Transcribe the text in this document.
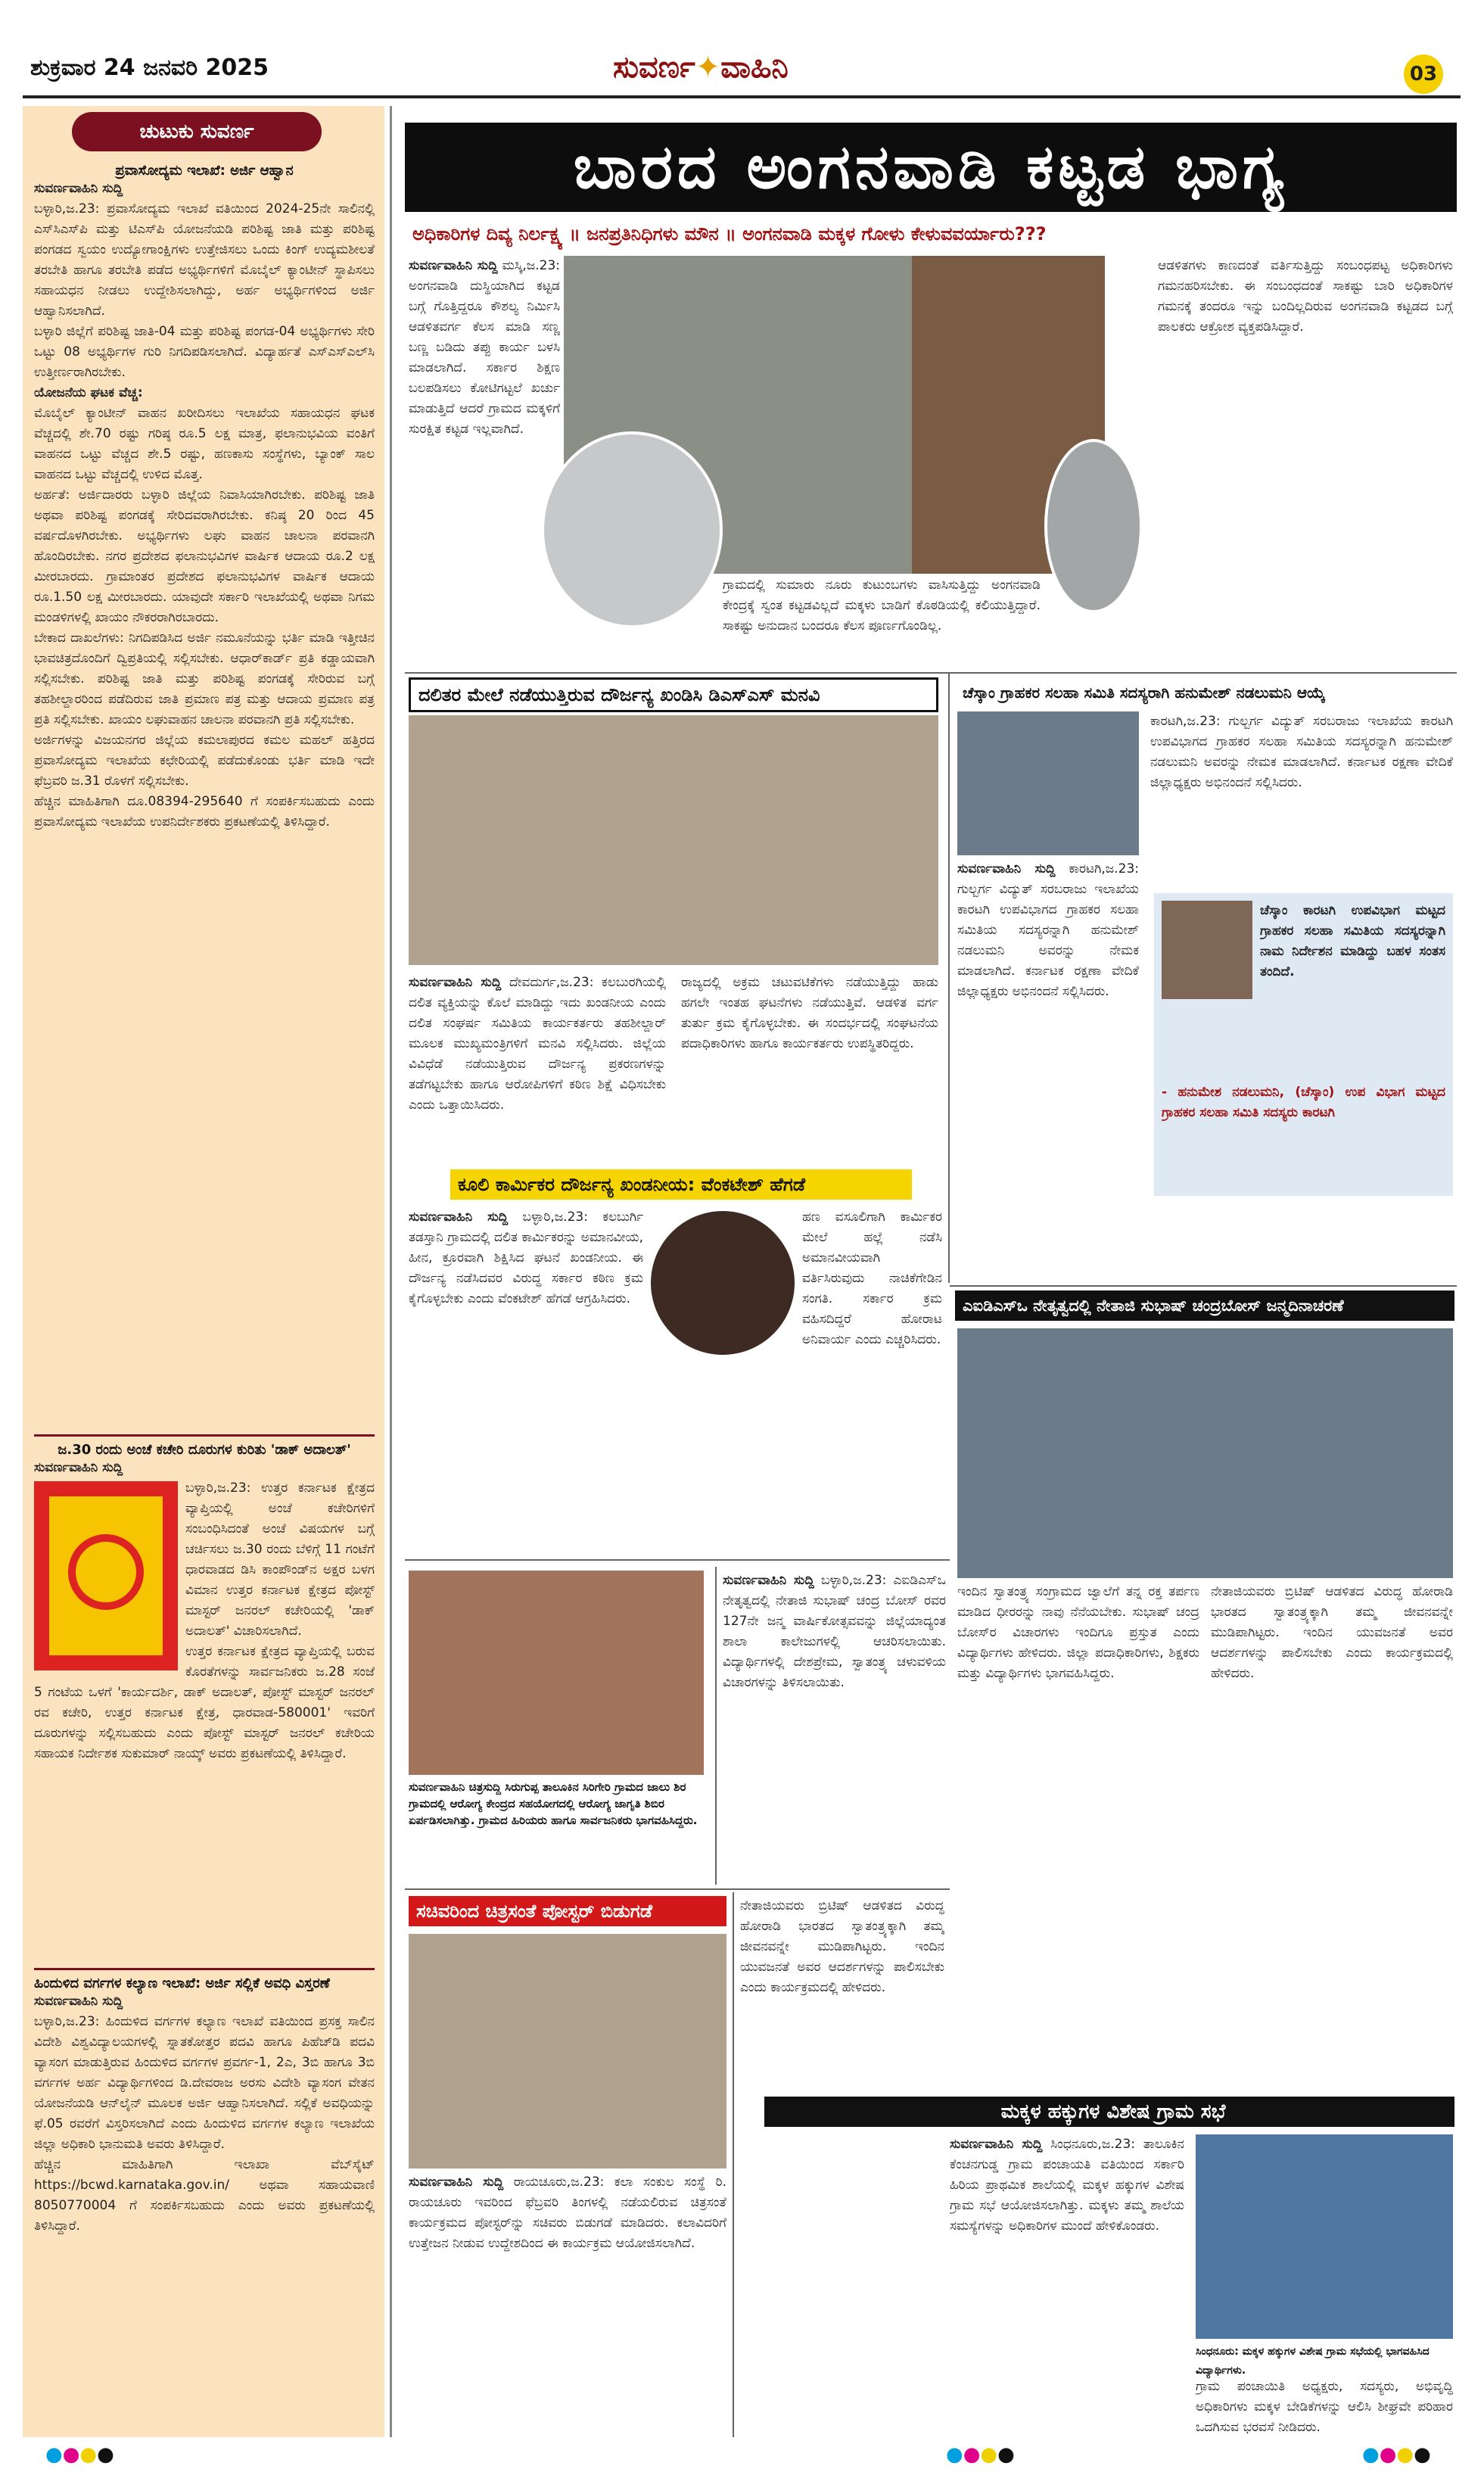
ಶುಕ್ರವಾರ 24 ಜನವರಿ 2025	ಸುವರ್ಣ✦ವಾಹಿನಿ	03
ಚುಟುಕು ಸುವರ್ಣ
ಪ್ರವಾಸೋದ್ಯಮ ಇಲಾಖೆ: ಅರ್ಜಿ ಆಹ್ವಾನ
ಸುವರ್ಣವಾಹಿನಿ ಸುದ್ದಿ
ಬಳ್ಳಾರಿ,ಜ.23: ಪ್ರವಾಸೋದ್ಯಮ ಇಲಾಖೆ ವತಿಯಿಂದ 2024-25ನೇ ಸಾಲಿನಲ್ಲಿ ಎಸ್‌ಸಿಎಸ್‌ಪಿ ಮತ್ತು ಟಿಎಸ್‌ಪಿ ಯೋಜನೆಯಡಿ ಪರಿಶಿಷ್ಟ ಜಾತಿ ಮತ್ತು ಪರಿಶಿಷ್ಟ ಪಂಗಡದ ಸ್ವಯಂ ಉದ್ಯೋಗಾಂಕ್ಷಿಗಳು ಉತ್ತೇಜಿಸಲು ಒಂದು ಕಿಂಗ್ ಉದ್ಯಮಶೀಲತೆ ತರಬೇತಿ ಹಾಗೂ ತರಬೇತಿ ಪಡೆದ ಅಭ್ಯರ್ಥಿಗಳಿಗೆ ಮೊಬೈಲ್ ಕ್ಯಾಂಟೀನ್ ಸ್ಥಾಪಿಸಲು ಸಹಾಯಧನ ನೀಡಲು ಉದ್ದೇಶಿಸಲಾಗಿದ್ದು, ಅರ್ಹ ಅಭ್ಯರ್ಥಿಗಳಿಂದ ಅರ್ಜಿ ಆಹ್ವಾನಿಸಲಾಗಿದೆ.
ಬಳ್ಳಾರಿ ಜಿಲ್ಲೆಗೆ ಪರಿಶಿಷ್ಟ ಜಾತಿ-04 ಮತ್ತು ಪರಿಶಿಷ್ಟ ಪಂಗಡ-04 ಅಭ್ಯರ್ಥಿಗಳು ಸೇರಿ ಒಟ್ಟು 08 ಅಭ್ಯರ್ಥಿಗಳ ಗುರಿ ನಿಗದಿಪಡಿಸಲಾಗಿದೆ. ವಿದ್ಯಾರ್ಹತೆ ಎಸ್‌ಎಸ್‌ಎಲ್‌ಸಿ ಉತ್ತೀರ್ಣರಾಗಿರಬೇಕು.
ಯೋಜನೆಯ ಘಟಕ ವೆಚ್ಚ:
ಮೊಬೈಲ್ ಕ್ಯಾಂಟೀನ್ ವಾಹನ ಖರೀದಿಸಲು ಇಲಾಖೆಯ ಸಹಾಯಧನ ಘಟಕ ವೆಚ್ಚದಲ್ಲಿ ಶೇ.70 ರಷ್ಟು ಗರಿಷ್ಠ ರೂ.5 ಲಕ್ಷ ಮಾತ್ರ, ಫಲಾನುಭವಿಯ ವಂತಿಗೆ ವಾಹನದ ಒಟ್ಟು ವೆಚ್ಚದ ಶೇ.5 ರಷ್ಟು, ಹಣಕಾಸು ಸಂಸ್ಥೆಗಳು, ಬ್ಯಾಂಕ್ ಸಾಲ ವಾಹನದ ಒಟ್ಟು ವೆಚ್ಚದಲ್ಲಿ ಉಳಿದ ಮೊತ್ತ.
ಅರ್ಹತೆ: ಅರ್ಜಿದಾರರು ಬಳ್ಳಾರಿ ಜಿಲ್ಲೆಯ ನಿವಾಸಿಯಾಗಿರಬೇಕು. ಪರಿಶಿಷ್ಟ ಜಾತಿ ಅಥವಾ ಪರಿಶಿಷ್ಟ ಪಂಗಡಕ್ಕೆ ಸೇರಿದವರಾಗಿರಬೇಕು. ಕನಿಷ್ಠ 20 ರಿಂದ 45 ವರ್ಷದೊಳಗಿರಬೇಕು. ಅಭ್ಯರ್ಥಿಗಳು ಲಘು ವಾಹನ ಚಾಲನಾ ಪರವಾನಗಿ ಹೊಂದಿರಬೇಕು. ನಗರ ಪ್ರದೇಶದ ಫಲಾನುಭವಿಗಳ ವಾರ್ಷಿಕ ಆದಾಯ ರೂ.2 ಲಕ್ಷ ಮೀರಬಾರದು. ಗ್ರಾಮಾಂತರ ಪ್ರದೇಶದ ಫಲಾನುಭವಿಗಳ ವಾರ್ಷಿಕ ಆದಾಯ ರೂ.1.50 ಲಕ್ಷ ಮೀರಬಾರದು. ಯಾವುದೇ ಸರ್ಕಾರಿ ಇಲಾಖೆಯಲ್ಲಿ ಅಥವಾ ನಿಗಮ ಮಂಡಳಿಗಳಲ್ಲಿ ಖಾಯಂ ನೌಕರರಾಗಿರಬಾರದು.
ಬೇಕಾದ ದಾಖಲೆಗಳು: ನಿಗದಿಪಡಿಸಿದ ಅರ್ಜಿ ನಮೂನೆಯನ್ನು ಭರ್ತಿ ಮಾಡಿ ಇತ್ತೀಚಿನ ಭಾವಚಿತ್ರದೊಂದಿಗೆ ದ್ವಿಪ್ರತಿಯಲ್ಲಿ ಸಲ್ಲಿಸಬೇಕು. ಆಧಾರ್‌ಕಾರ್ಡ್ ಪ್ರತಿ ಕಡ್ಡಾಯವಾಗಿ ಸಲ್ಲಿಸಬೇಕು. ಪರಿಶಿಷ್ಟ ಜಾತಿ ಮತ್ತು ಪರಿಶಿಷ್ಟ ಪಂಗಡಕ್ಕೆ ಸೇರಿರುವ ಬಗ್ಗೆ ತಹಶೀಲ್ದಾರರಿಂದ ಪಡೆದಿರುವ ಜಾತಿ ಪ್ರಮಾಣ ಪತ್ರ ಮತ್ತು ಆದಾಯ ಪ್ರಮಾಣ ಪತ್ರ ಪ್ರತಿ ಸಲ್ಲಿಸಬೇಕು. ಖಾಯಂ ಲಘುವಾಹನ ಚಾಲನಾ ಪರವಾನಗಿ ಪ್ರತಿ ಸಲ್ಲಿಸಬೇಕು.
ಅರ್ಜಿಗಳನ್ನು ವಿಜಯನಗರ ಜಿಲ್ಲೆಯ ಕಮಲಾಪುರದ ಕಮಲ ಮಹಲ್ ಹತ್ತಿರದ ಪ್ರವಾಸೋದ್ಯಮ ಇಲಾಖೆಯ ಕಛೇರಿಯಲ್ಲಿ ಪಡೆದುಕೊಂಡು ಭರ್ತಿ ಮಾಡಿ ಇದೇ ಫೆಬ್ರವರಿ ಜ.31 ರೊಳಗೆ ಸಲ್ಲಿಸಬೇಕು.
ಹೆಚ್ಚಿನ ಮಾಹಿತಿಗಾಗಿ ದೂ.08394-295640 ಗೆ ಸಂಪರ್ಕಿಸಬಹುದು ಎಂದು ಪ್ರವಾಸೋದ್ಯಮ ಇಲಾಖೆಯ ಉಪನಿರ್ದೇಶಕರು ಪ್ರಕಟಣೆಯಲ್ಲಿ ತಿಳಿಸಿದ್ದಾರೆ.
ಜ.30 ರಂದು ಅಂಚೆ ಕಚೇರಿ ದೂರುಗಳ ಕುರಿತು 'ಡಾಕ್ ಅದಾಲತ್'
ಸುವರ್ಣವಾಹಿನಿ ಸುದ್ದಿ
ಬಳ್ಳಾರಿ,ಜ.23: ಉತ್ತರ ಕರ್ನಾಟಕ ಕ್ಷೇತ್ರದ ವ್ಯಾಪ್ತಿಯಲ್ಲಿ ಅಂಚೆ ಕಚೇರಿಗಳಿಗೆ ಸಂಬಂಧಿಸಿದಂತೆ ಅಂಚೆ ವಿಷಯಗಳ ಬಗ್ಗೆ ಚರ್ಚಿಸಲು ಜ.30 ರಂದು ಬೆಳಿಗ್ಗೆ 11 ಗಂಟೆಗೆ ಧಾರವಾಡದ ಡಿಸಿ ಕಾಂಪೌಂಡ್‌ನ ಅಕ್ಷರ ಬಳಗ ವಿಮಾನ ಉತ್ತರ ಕರ್ನಾಟಕ ಕ್ಷೇತ್ರದ ಪೋಸ್ಟ್ ಮಾಸ್ಟರ್ ಜನರಲ್ ಕಚೇರಿಯಲ್ಲಿ 'ಡಾಕ್ ಅದಾಲತ್' ವಿಚಾರಿಸಲಾಗಿದೆ.
ಉತ್ತರ ಕರ್ನಾಟಕ ಕ್ಷೇತ್ರದ ವ್ಯಾಪ್ತಿಯಲ್ಲಿ ಬರುವ ಕೊರತೆಗಳನ್ನು ಸಾರ್ವಜನಿಕರು ಜ.28 ಸಂಜೆ 5 ಗಂಟೆಯ ಒಳಗೆ 'ಕಾರ್ಯದರ್ಶಿ, ಡಾಕ್ ಅದಾಲತ್, ಪೋಸ್ಟ್ ಮಾಸ್ಟರ್ ಜನರಲ್ ರವ ಕಚೇರಿ, ಉತ್ತರ ಕರ್ನಾಟಕ ಕ್ಷೇತ್ರ, ಧಾರವಾಡ-580001' ಇವರಿಗೆ ದೂರುಗಳನ್ನು ಸಲ್ಲಿಸಬಹುದು ಎಂದು ಪೋಸ್ಟ್ ಮಾಸ್ಟರ್ ಜನರಲ್ ಕಚೇರಿಯ ಸಹಾಯಕ ನಿರ್ದೇಶಕ ಸುಕುಮಾರ್ ನಾಯ್ಕ್ ಅವರು ಪ್ರಕಟಣೆಯಲ್ಲಿ ತಿಳಿಸಿದ್ದಾರೆ.
ಹಿಂದುಳಿದ ವರ್ಗಗಳ ಕಲ್ಯಾಣ ಇಲಾಖೆ: ಅರ್ಜಿ ಸಲ್ಲಿಕೆ ಅವಧಿ ವಿಸ್ತರಣೆ
ಸುವರ್ಣವಾಹಿನಿ ಸುದ್ದಿ
ಬಳ್ಳಾರಿ,ಜ.23: ಹಿಂದುಳಿದ ವರ್ಗಗಳ ಕಲ್ಯಾಣ ಇಲಾಖೆ ವತಿಯಿಂದ ಪ್ರಸಕ್ತ ಸಾಲಿನ ವಿದೇಶಿ ವಿಶ್ವವಿದ್ಯಾಲಯಗಳಲ್ಲಿ ಸ್ನಾತಕೋತ್ತರ ಪದವಿ ಹಾಗೂ ಪಿಹೆಚ್‌ಡಿ ಪದವಿ ವ್ಯಾಸಂಗ ಮಾಡುತ್ತಿರುವ ಹಿಂದುಳಿದ ವರ್ಗಗಳ ಪ್ರವರ್ಗ-1, 2ಎ, 3ಬಿ ಹಾಗೂ 3ಬಿ ವರ್ಗಗಳ ಅರ್ಹ ವಿದ್ಯಾರ್ಥಿಗಳಿಂದ ಡಿ.ದೇವರಾಜ ಅರಸು ವಿದೇಶಿ ವ್ಯಾಸಂಗ ವೇತನ ಯೋಜನೆಯಡಿ ಆನ್‌ಲೈನ್ ಮೂಲಕ ಅರ್ಜಿ ಆಹ್ವಾನಿಸಲಾಗಿದೆ. ಸಲ್ಲಿಕೆ ಅವಧಿಯನ್ನು ಫೆ.05 ರವರೆಗೆ ವಿಸ್ತರಿಸಲಾಗಿದೆ ಎಂದು ಹಿಂದುಳಿದ ವರ್ಗಗಳ ಕಲ್ಯಾಣ ಇಲಾಖೆಯ ಜಿಲ್ಲಾ ಅಧಿಕಾರಿ ಭಾನುಮತಿ ಅವರು ತಿಳಿಸಿದ್ದಾರೆ.
ಹೆಚ್ಚಿನ ಮಾಹಿತಿಗಾಗಿ ಇಲಾಖಾ ವೆಬ್‌ಸೈಟ್ https://bcwd.karnataka.gov.in/ ಅಥವಾ ಸಹಾಯವಾಣಿ 8050770004 ಗೆ ಸಂಪರ್ಕಿಸಬಹುದು ಎಂದು ಅವರು ಪ್ರಕಟಣೆಯಲ್ಲಿ ತಿಳಿಸಿದ್ದಾರೆ.
ಬಾರದ ಅಂಗನವಾಡಿ ಕಟ್ಟಡ ಭಾಗ್ಯ
ಅಧಿಕಾರಿಗಳ ದಿವ್ಯ ನಿರ್ಲಕ್ಷ್ಯ ॥ ಜನಪ್ರತಿನಿಧಿಗಳು ಮೌನ ॥ ಅಂಗನವಾಡಿ ಮಕ್ಕಳ ಗೋಳು ಕೇಳುವವರ್ಯಾರು???
ಸುವರ್ಣವಾಹಿನಿ ಸುದ್ದಿ ಮಸ್ಕಿ,ಜ.23: ಅಂಗನವಾಡಿ ದುಸ್ಥಿಯಾಗಿದ ಕಟ್ಟಡ ಬಗ್ಗೆ ಗೊತ್ತಿದ್ದರೂ ಕೌಶಲ್ಯ ನಿರ್ಮಿಸಿ ಆಡಳಿತವರ್ಗ ಕೆಲಸ ಮಾಡಿ ಸಣ್ಣ ಬಣ್ಣ ಬಡಿದು ತಪ್ಪು ಕಾರ್ಯ ಬಳಸಿ ಮಾಡಲಾಗಿದೆ. ಸರ್ಕಾರ ಶಿಕ್ಷಣ ಬಲಪಡಿಸಲು ಕೋಟಿಗಟ್ಟಲೆ ಖರ್ಚು ಮಾಡುತ್ತಿದೆ ಆದರೆ ಗ್ರಾಮದ ಮಕ್ಕಳಿಗೆ ಸುರಕ್ಷಿತ ಕಟ್ಟಡ ಇಲ್ಲವಾಗಿದೆ.
ಗ್ರಾಮದಲ್ಲಿ ಸುಮಾರು ನೂರು ಕುಟುಂಬಗಳು ವಾಸಿಸುತ್ತಿದ್ದು ಅಂಗನವಾಡಿ ಕೇಂದ್ರಕ್ಕೆ ಸ್ವಂತ ಕಟ್ಟಡವಿಲ್ಲದೆ ಮಕ್ಕಳು ಬಾಡಿಗೆ ಕೊಠಡಿಯಲ್ಲಿ ಕಲಿಯುತ್ತಿದ್ದಾರೆ. ಸಾಕಷ್ಟು ಅನುದಾನ ಬಂದರೂ ಕೆಲಸ ಪೂರ್ಣಗೊಂಡಿಲ್ಲ.
ಆಡಳಿತಗಳು ಕಾಣದಂತೆ ವರ್ತಿಸುತ್ತಿದ್ದು ಸಂಬಂಧಪಟ್ಟ ಅಧಿಕಾರಿಗಳು ಗಮನಹರಿಸಬೇಕು. ಈ ಸಂಬಂಧದಂತೆ ಸಾಕಷ್ಟು ಬಾರಿ ಅಧಿಕಾರಿಗಳ ಗಮನಕ್ಕೆ ತಂದರೂ ಇನ್ನು ಬಂದಿಲ್ಲದಿರುವ ಅಂಗನವಾಡಿ ಕಟ್ಟಡದ ಬಗ್ಗೆ ಪಾಲಕರು ಆಕ್ರೋಶ ವ್ಯಕ್ತಪಡಿಸಿದ್ದಾರೆ.
ದಲಿತರ ಮೇಲೆ ನಡೆಯುತ್ತಿರುವ ದೌರ್ಜನ್ಯ ಖಂಡಿಸಿ ಡಿಎಸ್‌ಎಸ್ ಮನವಿ
ಸುವರ್ಣವಾಹಿನಿ ಸುದ್ದಿ ದೇವದುರ್ಗ,ಜ.23: ಕಲಬುರಗಿಯಲ್ಲಿ ದಲಿತ ವ್ಯಕ್ತಿಯನ್ನು ಕೊಲೆ ಮಾಡಿದ್ದು ಇದು ಖಂಡನೀಯ ಎಂದು ದಲಿತ ಸಂಘರ್ಷ ಸಮಿತಿಯ ಕಾರ್ಯಕರ್ತರು ತಹಶೀಲ್ದಾರ್ ಮೂಲಕ ಮುಖ್ಯಮಂತ್ರಿಗಳಿಗೆ ಮನವಿ ಸಲ್ಲಿಸಿದರು. ಜಿಲ್ಲೆಯ ವಿವಿಧೆಡೆ ನಡೆಯುತ್ತಿರುವ ದೌರ್ಜನ್ಯ ಪ್ರಕರಣಗಳನ್ನು ತಡೆಗಟ್ಟಬೇಕು ಹಾಗೂ ಆರೋಪಿಗಳಿಗೆ ಕಠಿಣ ಶಿಕ್ಷೆ ವಿಧಿಸಬೇಕು ಎಂದು ಒತ್ತಾಯಿಸಿದರು.
ರಾಜ್ಯದಲ್ಲಿ ಅಕ್ರಮ ಚಟುವಟಿಕೆಗಳು ನಡೆಯುತ್ತಿದ್ದು ಹಾಡು ಹಗಲೇ ಇಂತಹ ಘಟನೆಗಳು ನಡೆಯುತ್ತಿವೆ. ಆಡಳಿತ ವರ್ಗ ತುರ್ತು ಕ್ರಮ ಕೈಗೊಳ್ಳಬೇಕು. ಈ ಸಂದರ್ಭದಲ್ಲಿ ಸಂಘಟನೆಯ ಪದಾಧಿಕಾರಿಗಳು ಹಾಗೂ ಕಾರ್ಯಕರ್ತರು ಉಪಸ್ಥಿತರಿದ್ದರು.
ಚೆಸ್ಕಾಂ ಗ್ರಾಹಕರ ಸಲಹಾ ಸಮಿತಿ ಸದಸ್ಯರಾಗಿ ಹನುಮೇಶ್ ನಡಲುಮನಿ ಆಯ್ಕೆ
ಸುವರ್ಣವಾಹಿನಿ ಸುದ್ದಿ ಕಾರಟಗಿ,ಜ.23: ಗುಲ್ಬರ್ಗ ವಿದ್ಯುತ್ ಸರಬರಾಜು ಇಲಾಖೆಯ ಕಾರಟಗಿ ಉಪವಿಭಾಗದ ಗ್ರಾಹಕರ ಸಲಹಾ ಸಮಿತಿಯ ಸದಸ್ಯರನ್ನಾಗಿ ಹನುಮೇಶ್ ನಡಲುಮನಿ ಅವರನ್ನು ನೇಮಕ ಮಾಡಲಾಗಿದೆ. ಕರ್ನಾಟಕ ರಕ್ಷಣಾ ವೇದಿಕೆ ಜಿಲ್ಲಾಧ್ಯಕ್ಷರು ಅಭಿನಂದನೆ ಸಲ್ಲಿಸಿದರು.
ಕಾರಟಗಿ,ಜ.23: ಗುಲ್ಬರ್ಗ ವಿದ್ಯುತ್ ಸರಬರಾಜು ಇಲಾಖೆಯ ಕಾರಟಗಿ ಉಪವಿಭಾಗದ ಗ್ರಾಹಕರ ಸಲಹಾ ಸಮಿತಿಯ ಸದಸ್ಯರನ್ನಾಗಿ ಹನುಮೇಶ್ ನಡಲುಮನಿ ಅವರನ್ನು ನೇಮಕ ಮಾಡಲಾಗಿದೆ. ಕರ್ನಾಟಕ ರಕ್ಷಣಾ ವೇದಿಕೆ ಜಿಲ್ಲಾಧ್ಯಕ್ಷರು ಅಭಿನಂದನೆ ಸಲ್ಲಿಸಿದರು.
ಚೆಸ್ಕಾಂ ಕಾರಟಗಿ ಉಪವಿಭಾಗ ಮಟ್ಟದ ಗ್ರಾಹಕರ ಸಲಹಾ ಸಮಿತಿಯ ಸದಸ್ಯರನ್ನಾಗಿ ನಾಮ ನಿರ್ದೇಶನ ಮಾಡಿದ್ದು ಬಹಳ ಸಂತಸ ತಂದಿದೆ.
- ಹನುಮೇಶ ನಡಲುಮನಿ, (ಚೆಸ್ಕಾಂ) ಉಪ ವಿಭಾಗ ಮಟ್ಟದ ಗ್ರಾಹಕರ ಸಲಹಾ ಸಮಿತಿ ಸದಸ್ಯರು ಕಾರಟಗಿ
ಕೂಲಿ ಕಾರ್ಮಿಕರ ದೌರ್ಜನ್ಯ ಖಂಡನೀಯ: ವೆಂಕಟೇಶ್ ಹೆಗಡೆ
ಸುವರ್ಣವಾಹಿನಿ ಸುದ್ದಿ ಬಳ್ಳಾರಿ,ಜ.23: ಕಲಬುರ್ಗಿ ತಡಸ್ತಾನಿ ಗ್ರಾಮದಲ್ಲಿ ದಲಿತ ಕಾರ್ಮಿಕರನ್ನು ಅಮಾನವೀಯ, ಹೀನ, ಕ್ರೂರವಾಗಿ ಶಿಕ್ಷಿಸಿದ ಘಟನೆ ಖಂಡನೀಯ. ಈ ದೌರ್ಜನ್ಯ ನಡೆಸಿದವರ ವಿರುದ್ಧ ಸರ್ಕಾರ ಕಠಿಣ ಕ್ರಮ ಕೈಗೊಳ್ಳಬೇಕು ಎಂದು ವೆಂಕಟೇಶ್ ಹೆಗಡೆ ಆಗ್ರಹಿಸಿದರು.
ಹಣ ವಸೂಲಿಗಾಗಿ ಕಾರ್ಮಿಕರ ಮೇಲೆ ಹಲ್ಲೆ ನಡೆಸಿ ಅಮಾನವೀಯವಾಗಿ ವರ್ತಿಸಿರುವುದು ನಾಚಿಕೆಗೇಡಿನ ಸಂಗತಿ. ಸರ್ಕಾರ ಕ್ರಮ ವಹಿಸದಿದ್ದರೆ ಹೋರಾಟ ಅನಿವಾರ್ಯ ಎಂದು ಎಚ್ಚರಿಸಿದರು.
ಎಐಡಿಎಸ್‌ಒ ನೇತೃತ್ವದಲ್ಲಿ ನೇತಾಜಿ ಸುಭಾಷ್ ಚಂದ್ರಬೋಸ್ ಜನ್ಮದಿನಾಚರಣೆ
ಇಂದಿನ ಸ್ವಾತಂತ್ರ್ಯ ಸಂಗ್ರಾಮದ ಜ್ವಾಲೆಗೆ ತನ್ನ ರಕ್ತ ತರ್ಪಣ ಮಾಡಿದ ಧೀರರನ್ನು ನಾವು ನೆನೆಯಬೇಕು. ಸುಭಾಷ್ ಚಂದ್ರ ಬೋಸ್‌ರ ವಿಚಾರಗಳು ಇಂದಿಗೂ ಪ್ರಸ್ತುತ ಎಂದು ವಿದ್ಯಾರ್ಥಿಗಳು ಹೇಳಿದರು. ಜಿಲ್ಲಾ ಪದಾಧಿಕಾರಿಗಳು, ಶಿಕ್ಷಕರು ಮತ್ತು ವಿದ್ಯಾರ್ಥಿಗಳು ಭಾಗವಹಿಸಿದ್ದರು.
ನೇತಾಜಿಯವರು ಬ್ರಿಟಿಷ್ ಆಡಳಿತದ ವಿರುದ್ಧ ಹೋರಾಡಿ ಭಾರತದ ಸ್ವಾತಂತ್ರ್ಯಕ್ಕಾಗಿ ತಮ್ಮ ಜೀವನವನ್ನೇ ಮುಡಿಪಾಗಿಟ್ಟರು. ಇಂದಿನ ಯುವಜನತೆ ಅವರ ಆದರ್ಶಗಳನ್ನು ಪಾಲಿಸಬೇಕು ಎಂದು ಕಾರ್ಯಕ್ರಮದಲ್ಲಿ ಹೇಳಿದರು.
ಸುವರ್ಣವಾಹಿನಿ ಚಿತ್ರಸುದ್ದಿ ಸಿರುಗುಪ್ಪ ತಾಲೂಕಿನ ಸಿರಿಗೇರಿ ಗ್ರಾಮದ ಜಾಲು ಶಿರ ಗ್ರಾಮದಲ್ಲಿ ಆರೋಗ್ಯ ಕೇಂದ್ರದ ಸಹಯೋಗದಲ್ಲಿ ಆರೋಗ್ಯ ಜಾಗೃತಿ ಶಿಬಿರ ಏರ್ಪಡಿಸಲಾಗಿತ್ತು. ಗ್ರಾಮದ ಹಿರಿಯರು ಹಾಗೂ ಸಾರ್ವಜನಿಕರು ಭಾಗವಹಿಸಿದ್ದರು.
ಸುವರ್ಣವಾಹಿನಿ ಸುದ್ದಿ ಬಳ್ಳಾರಿ,ಜ.23: ಎಐಡಿಎಸ್‌ಒ ನೇತೃತ್ವದಲ್ಲಿ ನೇತಾಜಿ ಸುಭಾಷ್ ಚಂದ್ರ ಬೋಸ್ ರವರ 127ನೇ ಜನ್ಮ ವಾರ್ಷಿಕೋತ್ಸವವನ್ನು ಜಿಲ್ಲೆಯಾದ್ಯಂತ ಶಾಲಾ ಕಾಲೇಜುಗಳಲ್ಲಿ ಆಚರಿಸಲಾಯಿತು. ವಿದ್ಯಾರ್ಥಿಗಳಲ್ಲಿ ದೇಶಪ್ರೇಮ, ಸ್ವಾತಂತ್ರ್ಯ ಚಳುವಳಿಯ ವಿಚಾರಗಳನ್ನು ತಿಳಿಸಲಾಯಿತು.
ಸಚಿವರಿಂದ ಚಿತ್ರಸಂತೆ ಪೋಸ್ಟರ್ ಬಿಡುಗಡೆ
ಸುವರ್ಣವಾಹಿನಿ ಸುದ್ದಿ ರಾಯಚೂರು,ಜ.23: ಕಲಾ ಸಂಕುಲ ಸಂಸ್ಥೆ ರಿ. ರಾಯಚೂರು ಇವರಿಂದ ಫೆಬ್ರವರಿ ತಿಂಗಳಲ್ಲಿ ನಡೆಯಲಿರುವ ಚಿತ್ರಸಂತೆ ಕಾರ್ಯಕ್ರಮದ ಪೋಸ್ಟರ್‌ನ್ನು ಸಚಿವರು ಬಿಡುಗಡೆ ಮಾಡಿದರು. ಕಲಾವಿದರಿಗೆ ಉತ್ತೇಜನ ನೀಡುವ ಉದ್ದೇಶದಿಂದ ಈ ಕಾರ್ಯಕ್ರಮ ಆಯೋಜಿಸಲಾಗಿದೆ.
ನೇತಾಜಿಯವರು ಬ್ರಿಟಿಷ್ ಆಡಳಿತದ ವಿರುದ್ಧ ಹೋರಾಡಿ ಭಾರತದ ಸ್ವಾತಂತ್ರ್ಯಕ್ಕಾಗಿ ತಮ್ಮ ಜೀವನವನ್ನೇ ಮುಡಿಪಾಗಿಟ್ಟರು. ಇಂದಿನ ಯುವಜನತೆ ಅವರ ಆದರ್ಶಗಳನ್ನು ಪಾಲಿಸಬೇಕು ಎಂದು ಕಾರ್ಯಕ್ರಮದಲ್ಲಿ ಹೇಳಿದರು.
ಮಕ್ಕಳ ಹಕ್ಕುಗಳ ವಿಶೇಷ ಗ್ರಾಮ ಸಭೆ
ಸುವರ್ಣವಾಹಿನಿ ಸುದ್ದಿ ಸಿಂಧನೂರು,ಜ.23: ತಾಲೂಕಿನ ಕೆಂಚನಗುಡ್ಡ ಗ್ರಾಮ ಪಂಚಾಯತಿ ವತಿಯಿಂದ ಸರ್ಕಾರಿ ಹಿರಿಯ ಪ್ರಾಥಮಿಕ ಶಾಲೆಯಲ್ಲಿ ಮಕ್ಕಳ ಹಕ್ಕುಗಳ ವಿಶೇಷ ಗ್ರಾಮ ಸಭೆ ಆಯೋಜಿಸಲಾಗಿತ್ತು. ಮಕ್ಕಳು ತಮ್ಮ ಶಾಲೆಯ ಸಮಸ್ಯೆಗಳನ್ನು ಅಧಿಕಾರಿಗಳ ಮುಂದೆ ಹೇಳಿಕೊಂಡರು.
ಸಿಂಧನೂರು: ಮಕ್ಕಳ ಹಕ್ಕುಗಳ ವಿಶೇಷ ಗ್ರಾಮ ಸಭೆಯಲ್ಲಿ ಭಾಗವಹಿಸಿದ ವಿದ್ಯಾರ್ಥಿಗಳು.
ಗ್ರಾಮ ಪಂಚಾಯಿತಿ ಅಧ್ಯಕ್ಷರು, ಸದಸ್ಯರು, ಅಭಿವೃದ್ಧಿ ಅಧಿಕಾರಿಗಳು ಮಕ್ಕಳ ಬೇಡಿಕೆಗಳನ್ನು ಆಲಿಸಿ ಶೀಘ್ರವೇ ಪರಿಹಾರ ಒದಗಿಸುವ ಭರವಸೆ ನೀಡಿದರು.
●●●●	●●●●	●●●●
